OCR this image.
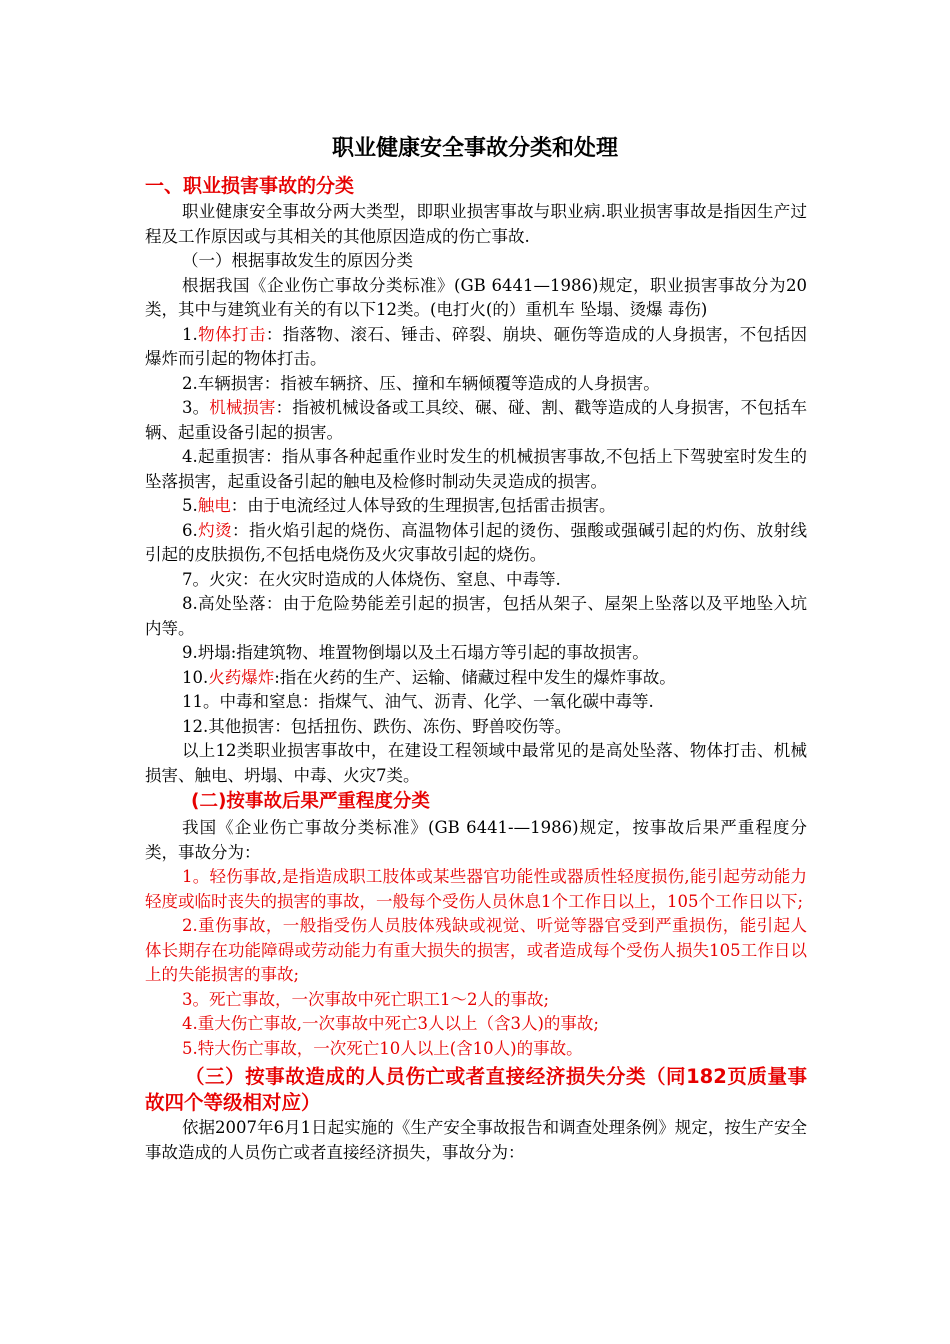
职业健康安全事故分类和处理

一、职业损害事故的分类

职业健康安全事故分两大类型，即职业损害事故与职业病.职业损害事故是指因生产过程及工作原因或与其相关的其他原因造成的伤亡事故.

（一）根据事故发生的原因分类

根据我国《企业伤亡事故分类标准》(GB 6441—1986)规定，职业损害事故分为20类，其中与建筑业有关的有以下12类。(电打火(的）重机车 坠塌、烫爆 毒伤)

1.物体打击：指落物、滚石、锤击、碎裂、崩块、砸伤等造成的人身损害，不包括因爆炸而引起的物体打击。

2.车辆损害：指被车辆挤、压、撞和车辆倾覆等造成的人身损害。

3。机械损害：指被机械设备或工具绞、碾、碰、割、戳等造成的人身损害，不包括车辆、起重设备引起的损害。

4.起重损害：指从事各种起重作业时发生的机械损害事故,不包括上下驾驶室时发生的坠落损害，起重设备引起的触电及检修时制动失灵造成的损害。

5.触电：由于电流经过人体导致的生理损害,包括雷击损害。

6.灼烫：指火焰引起的烧伤、高温物体引起的烫伤、强酸或强碱引起的灼伤、放射线引起的皮肤损伤,不包括电烧伤及火灾事故引起的烧伤。

7。火灾：在火灾时造成的人体烧伤、窒息、中毒等.

8.高处坠落：由于危险势能差引起的损害，包括从架子、屋架上坠落以及平地坠入坑内等。

9.坍塌:指建筑物、堆置物倒塌以及土石塌方等引起的事故损害。

10.火药爆炸:指在火药的生产、运输、储藏过程中发生的爆炸事故。

11。中毒和窒息：指煤气、油气、沥青、化学、一氧化碳中毒等.

12.其他损害：包括扭伤、跌伤、冻伤、野兽咬伤等。

以上12类职业损害事故中，在建设工程领域中最常见的是高处坠落、物体打击、机械损害、触电、坍塌、中毒、火灾7类。

(二)按事故后果严重程度分类

我国《企业伤亡事故分类标准》(GB 6441-—1986)规定，按事故后果严重程度分类，事故分为：

1。轻伤事故,是指造成职工肢体或某些器官功能性或器质性轻度损伤,能引起劳动能力轻度或临时丧失的损害的事故，一般每个受伤人员休息1个工作日以上，105个工作日以下;

2.重伤事故，一般指受伤人员肢体残缺或视觉、听觉等器官受到严重损伤，能引起人体长期存在功能障碍或劳动能力有重大损失的损害，或者造成每个受伤人损失105工作日以上的失能损害的事故;

3。死亡事故，一次事故中死亡职工1～2人的事故;

4.重大伤亡事故,一次事故中死亡3人以上（含3人)的事故;

5.特大伤亡事故，一次死亡10人以上(含10人)的事故。

（三）按事故造成的人员伤亡或者直接经济损失分类（同182页质量事故四个等级相对应）

依据2007年6月1日起实施的《生产安全事故报告和调查处理条例》规定，按生产安全事故造成的人员伤亡或者直接经济损失，事故分为：
